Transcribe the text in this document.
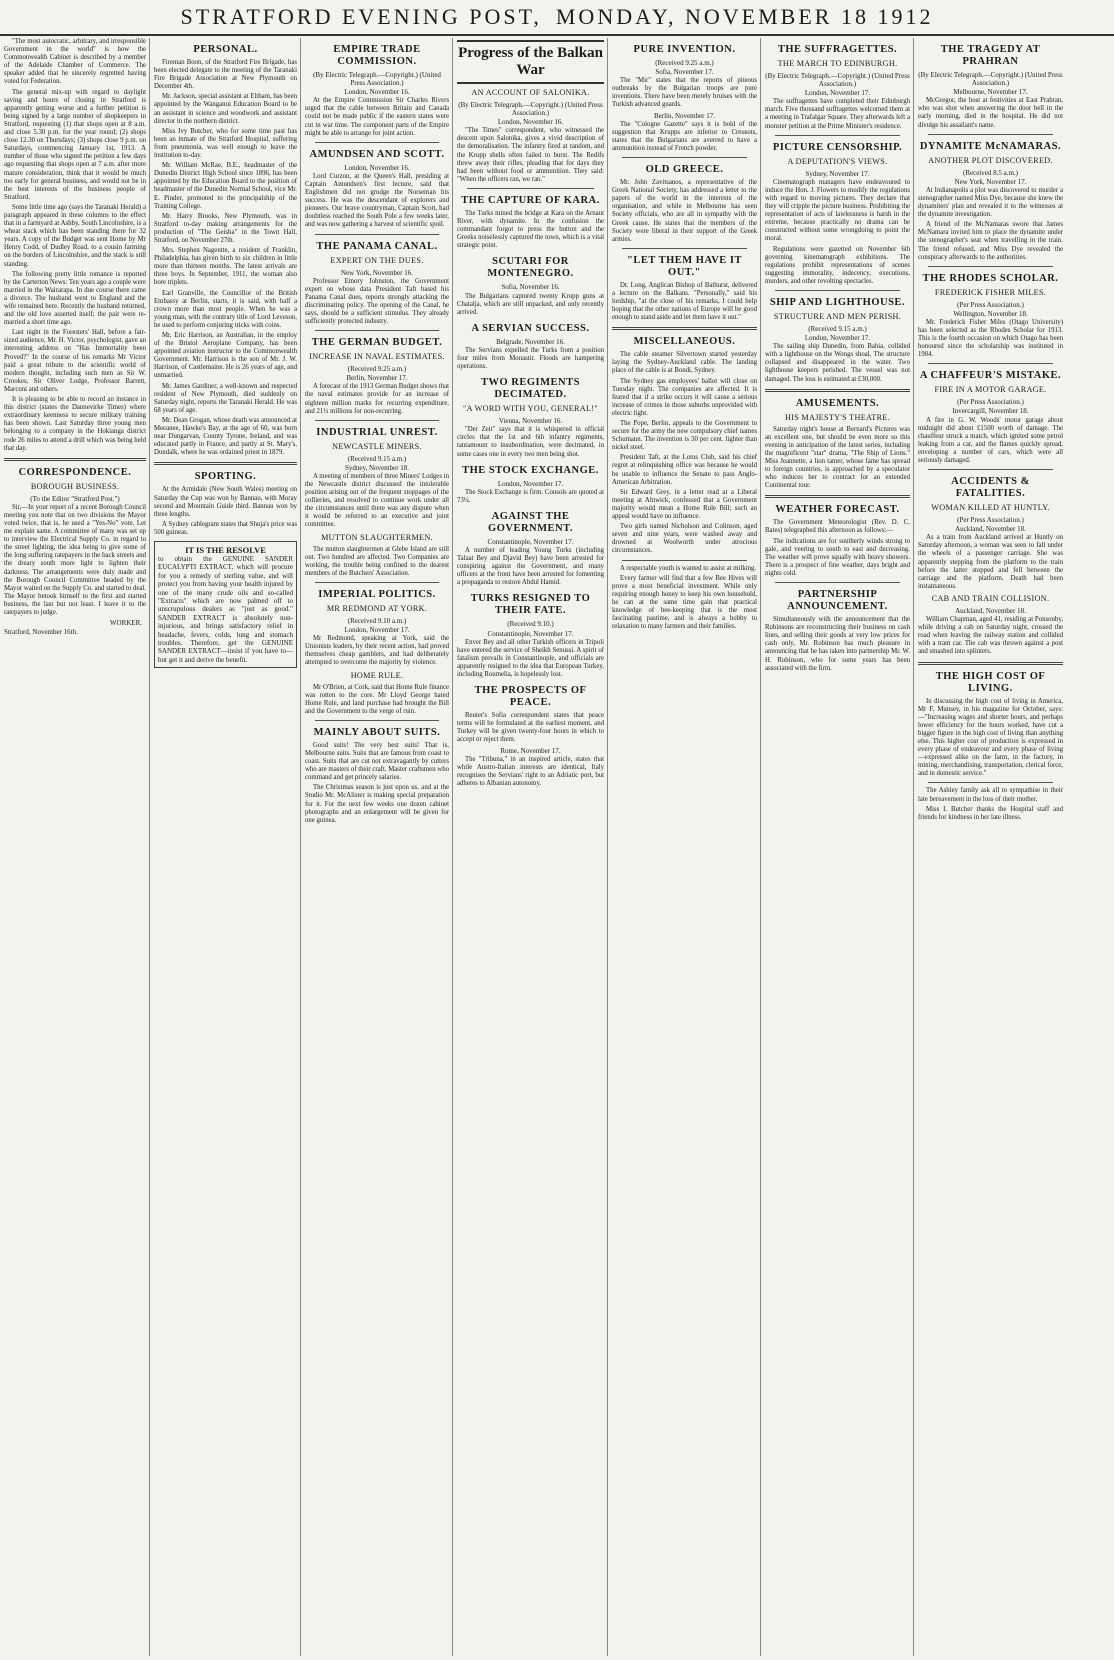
STRATFORD EVENING POST, MONDAY, NOVEMBER 18 1912

"The most autocratic, arbitrary, and irresponsible Government in the world" is how the Commonwealth Cabinet is described by a member of the Adelaide Chamber of Commerce. The speaker added that he sincerely regretted having voted for Federation.

The general mix-up with regard to daylight saving and hours of closing in Stratford is apparently getting worse and a further petition is being signed by a large number of shopkeepers in Stratford, requesting (1) that shops open at 8 a.m. and close 5.30 p.m. for the year round; (2) shops close 12.30 on Thursdays; (3) shops close 9 p.m. on Saturdays, commencing January 1st, 1913. A number of those who signed the petition a few days ago requesting that shops open at 7 a.m. after more mature consideration, think that it would be much too early for general business, and would not be in the best interests of the business people of Stratford.

Some little time ago (says the Taranaki Herald) a paragraph appeared in these columns to the effect that in a farmyard at Ashby, South Lincolnshire, is a wheat stack which has been standing there for 32 years. A copy of the Budget was sent Home by Mr Henry Codd, of Dudley Road, to a cousin farming on the borders of Lincolnshire, and the stack is still standing.

The following pretty little romance is reported by the Carterton News: Ten years ago a couple were married in the Wairarapa. In due course there came a divorce. The husband went to England and the wife remained here. Recently the husband returned, and the old love asserted itself; the pair were re-married a short time ago.

Last night in the Foresters' Hall, before a fair-sized audience, Mr. H. Victor, psychologist, gave an interesting address on "Has Immortality been Proved?" In the course of his remarks Mr Victor paid a great tribute to the scientific world of modern thought, including such men as Sir W. Crookes, Sir Oliver Lodge, Professor Barrett, Marconi and others.

It is pleasing to be able to record an instance in this district (states the Dannevirke Times) where extraordinary keenness to secure military training has been shown. Last Saturday three young men belonging to a company in the Hokianga district rode 26 miles to attend a drill which was being held that day.

CORRESPONDENCE.
BOROUGH BUSINESS.
(To the Editor "Stratford Post.")

Sir,—In your report of a recent Borough Council meeting you note that on two divisions the Mayor voted twice, that is, he used a "Yes-No" vote. Let me explain same. A committee of many was set up to interview the Electrical Supply Co. in regard to the street lighting, the idea being to give some of the long suffering ratepayers in the back streets and the dreary south more light to lighten their darkness. The arrangements were duly made and the Borough Council Committee headed by the Mayor waited on the Supply Co. and started to deal. The Mayor betook himself to the first and started business, the last but not least. I leave it to the ratepayers to judge.

WORKER.
Stratford, November 16th.
PERSONAL.

Fireman Boon, of the Stratford Fire Brigade, has been elected delegate to the meeting of the Taranaki Fire Brigade Association at New Plymouth on December 4th.

Mr. Jackson, special assistant at Eltham, has been appointed by the Wanganui Education Board to be an assistant in science and woodwork and assistant director in the northern district.

Miss Ivy Butcher, who for some time past has been an inmate of the Stratford Hospital, suffering from pneumonia, was well enough to leave the institution to-day.

Mr. William McRae, B.E., headmaster of the Dunedin District High School since 1896, has been appointed by the Education Board to the position of headmaster of the Dunedin Normal School, vice Mr. E. Pinder, promoted to the principalship of the Training College.

Mr. Harry Brooks, New Plymouth, was in Stratford to-day making arrangements for the production of "The Geisha" in the Town Hall, Stratford, on November 27th.

Mrs. Stephen Nagentte, a resident of Franklin, Philadelphia, has given birth to six children in little more than thirteen months. The latest arrivals are three boys. In September, 1911, the woman also bore triplets.

Earl Granville, the Councillor of the British Embassy at Berlin, starts, it is said, with half a crown more than most people. When he was a young man, with the contrary title of Lord Leveson, he used to perform conjuring tricks with coins.

Mr. Eric Harrison, an Australian, in the employ of the Bristol Aeroplane Company, has been appointed aviation instructor to the Commonwealth Government. Mr. Harrison is the son of Mr. J. W. Harrison, of Castlemaine. He is 26 years of age, and unmarried.

Mr. James Gardiner, a well-known and respected resident of New Plymouth, died suddenly on Saturday night, reports the Taranaki Herald. He was 68 years of age.

Mr. Dean Grogan, whose death was announced at Meeanee, Hawke's Bay, at the age of 60, was born near Dungarvan, County Tyrone, Ireland, and was educated partly in France, and partly at St. Mary's, Dundalk, where he was ordained priest in 1879.

SPORTING.

At the Armidale (New South Wales) meeting on Saturday the Cup was won by Bannau, with Moray second and Mountain Guide third. Bannau won by three lengths.

A Sydney cablegram states that Shuja's price was 500 guineas.

IT IS THE RESOLVE
to obtain the GENUINE SANDER EUCALYPTI EXTRACT, which will procure for you a remedy of sterling value, and will protect you from having your health injured by one of the many crude oils and so-called "Extracts" which are now palmed off to unscrupulous dealers as "just as good." SANDER EXTRACT is absolutely non-injurious, and brings satisfactory relief in headache, fevers, colds, lung and stomach troubles. Therefore, get the GENUINE SANDER EXTRACT—insist if you have to—but get it and derive the benefit.
EMPIRE TRADE COMMISSION.
(By Electric Telegraph.—Copyright.) (United Press Association.)
London, November 16.

At the Empire Commission Sir Charles Rivers urged that the cable between Britain and Canada could not be made public if the eastern states were cut in war time. The component parts of the Empire might be able to arrange for joint action.

AMUNDSEN AND SCOTT.
London, November 16.

Lord Curzon, at the Queen's Hall, presiding at Captain Amundsen's first lecture, said that Englishmen did not grudge the Norseman his success. He was the descendant of explorers and pioneers. Our brave countryman, Captain Scott, had doubtless reached the South Pole a few weeks later, and was now gathering a harvest of scientific spoil.

THE PANAMA CANAL.
EXPERT ON THE DUES.
New York, November 16.

Professor Emory Johnston, the Government expert on whose data President Taft based his Panama Canal dues, reports strongly attacking the discriminating policy. The opening of the Canal, he says, should be a sufficient stimulus. They already sufficiently protected industry.

THE GERMAN BUDGET.
INCREASE IN NAVAL ESTIMATES.
(Received 9.25 a.m.)
Berlin, November 17.

A forecast of the 1913 German Budget shows that the naval estimates provide for an increase of eighteen million marks for recurring expenditure, and 21½ millions for non-recurring.

INDUSTRIAL UNREST.
NEWCASTLE MINERS.
(Received 9.15 a.m.)
Sydney, November 18.

A meeting of members of three Miners' Lodges in the Newcastle district discussed the intolerable position arising out of the frequent stoppages of the collieries, and resolved to continue work under all the circumstances until there was any dispute when it would be referred to an executive and joint committee.

MUTTON SLAUGHTERMEN.

The mutton slaughtermen at Glebe Island are still out. Two hundred are affected. Two Companies are working, the trouble being confined to the dearest members of the Butchers' Association.

IMPERIAL POLITICS.
MR REDMOND AT YORK.
(Received 9.10 a.m.)
London, November 17.

Mr Redmond, speaking at York, said the Unionists leaders, by their recent action, had proved themselves cheap gamblers, and had deliberately attempted to overcome the majority by violence.

HOME RULE.

Mr O'Brien, at Cork, said that Home Rule finance was rotten to the core. Mr Lloyd George hated Home Rule, and land purchase had brought the Bill and the Government to the verge of ruin.

MAINLY ABOUT SUITS.

Good suits! The very best suits! That is, Melbourne suits. Suits that are famous from coast to coast. Suits that are cut not extravagantly by cutters who are masters of their craft. Master craftsmen who command and get princely salaries.

The Christmas season is just upon us, and at the Studio Mr. McAlister is making special preparation for it. For the next few weeks one dozen cabinet photographs and an enlargement will be given for one guinea.

Progress of the Balkan War
AN ACCOUNT OF SALONIKA.
(By Electric Telegraph.—Copyright.) (United Press Association.)
London, November 16.

"The Times" correspondent, who witnessed the descent upon Salonika, gives a vivid description of the demoralisation. The infantry fired at random, and the Krupp shells often failed to burst. The Redifs threw away their rifles, pleading that for days they had been without food or ammunition. They said: "When the officers ran, we ran."

THE CAPTURE OF KARA.

The Turks mined the bridge at Kara on the Arnaut River, with dynamite. In the confusion the commandant forgot to press the button and the Greeks noiselessly captured the town, which is a vital strategic point.

SCUTARI FOR MONTENEGRO.
Sofia, November 16.

The Bulgarians captured twenty Krupp guns at Chatalja, which are still unpacked, and only recently arrived.

A SERVIAN SUCCESS.
Belgrade, November 16.

The Servians expelled the Turks from a position four miles from Monastir. Floods are hampering operations.

TWO REGIMENTS DECIMATED.
"A WORD WITH YOU, GENERAL!"
Vienna, November 16.

"Der Zeit" says that it is whispered in official circles that the 1st and 6th infantry regiments, tantamount to insubordination, were decimated, in some cases one in every two men being shot.

THE STOCK EXCHANGE.
London, November 17.

The Stock Exchange is firm. Consols are quoted at 73¼.

AGAINST THE GOVERNMENT.
Constantinople, November 17.

A number of leading Young Turks (including Talaat Bey and Djavid Bey) have been arrested for conspiring against the Government, and many officers at the front have been arrested for fomenting a propaganda to restore Abdul Hamid.

TURKS RESIGNED TO THEIR FATE.
(Received 9.10.)
Constantinople, November 17.

Enver Bey and all other Turkish officers in Tripoli have entered the service of Sheikh Senussi. A spirit of fatalism prevails in Constantinople, and officials are apparently resigned to the idea that European Turkey, including Roumelia, is hopelessly lost.

THE PROSPECTS OF PEACE.

Reuter's Sofia correspondent states that peace terms will be formulated at the earliest moment, and Turkey will be given twenty-four hours in which to accept or reject them.

Rome, November 17.

The "Tribuna," in an inspired article, states that while Austro-Italian interests are identical, Italy recognises the Servians' right to an Adriatic port, but adheres to Albanian autonomy.

PURE INVENTION.
(Received 9.25 a.m.)
Sofia, November 17.

The "Mir" states that the reports of piteous outbreaks by the Bulgarian troops are pure inventions. There have been merely bruises with the Turkish advanced guards.

Berlin, November 17.

The "Cologne Gazette" says it is bold of the suggestion that Krupps are inferior to Creusots, states that the Bulgarians are averred to have a ammunition instead of French powder.

OLD GREECE.

Mr. John Zavitsanos, a representative of the Greek National Society, has addressed a letter to the papers of the world in the interests of the organisation, and while in Melbourne has seen Society officials, who are all in sympathy with the Greek cause. He states that the members of the Society were liberal in their support of the Greek armies.

"LET THEM HAVE IT OUT."

Dr. Long, Anglican Bishop of Bathurst, delivered a lecture on the Balkans. "Personally," said his lordship, "at the close of his remarks, I could help hoping that the other nations of Europe will be good enough to stand aside and let them have it out."

MISCELLANEOUS.

The cable steamer Silvertown started yesterday laying the Sydney-Auckland cable. The landing place of the cable is at Bondi, Sydney.

The Sydney gas employees' ballot will close on Tuesday night. The companies are affected. It is feared that if a strike occurs it will cause a serious increase of crimes in those suburbs unprovided with electric light.

The Pope, Berlin, appeals to the Government to secure for the army the new compulsory chief names Schumann. The invention is 30 per cent. lighter than nickel steel.

President Taft, at the Lotus Club, said his chief regret at relinquishing office was because he would be unable to influence the Senate to pass Anglo-American Arbitration.

Sir Edward Grey, in a letter read at a Liberal meeting at Alnwick, confessed that a Government majority would mean a Home Rule Bill; such an appeal would have no influence.

Two girls named Nicholson and Colinson, aged seven and nine years, were washed away and drowned at Woolworth under atrocious circumstances.

A respectable youth is wanted to assist at milking.

Every farmer will find that a few Bee Hives will prove a most beneficial investment. While only requiring enough honey to keep his own household, he can at the same time gain that practical knowledge of bee-keeping that is the most fascinating pastime, and is always a hobby to relaxation to many farmers and their families.

THE SUFFRAGETTES.
THE MARCH TO EDINBURGH.
(By Electric Telegraph.—Copyright.) (United Press Association.)
London, November 17.

The suffragettes have completed their Edinburgh march. Five thousand suffragettes welcomed them at a meeting in Trafalgar Square. They afterwards left a monster petition at the Prime Minister's residence.

PICTURE CENSORSHIP.
A DEPUTATION'S VIEWS.
Sydney, November 17.

Cinematograph managers have endeavoured to induce the Hon. J. Flowers to modify the regulations with regard to moving pictures. They declare that they will cripple the picture business. Prohibiting the representation of acts of lawlessness is harsh in the extreme, because practically no drama can be constructed without some wrongdoing to point the moral.

Regulations were gazetted on November 6th governing kinematograph exhibitions. The regulations prohibit representations of scenes suggesting immorality, indecency, executions, murders, and other revolting spectacles.

SHIP AND LIGHTHOUSE.
STRUCTURE AND MEN PERISH.
(Received 9.15 a.m.)
London, November 17.

The sailing ship Dunedin, from Bahia, collided with a lighthouse on the Wongs shoal. The structure collapsed and disappeared in the water. Two lighthouse keepers perished. The vessel was not damaged. The loss is estimated at £30,000.

AMUSEMENTS.
HIS MAJESTY'S THEATRE.

Saturday night's house at Bernard's Pictures was an excellent one, but should be even more so this evening in anticipation of the latest series, including the magnificent "star" drama, "The Ship of Lions." Miss Jeannette, a lion tamer, whose fame has spread to foreign countries, is approached by a speculator who induces her to contract for an extended Continental tour.

WEATHER FORECAST.

The Government Meteorologist (Rev. D. C. Bates) telegraphed this afternoon as follows:—

The indications are for southerly winds strong to gale, and veering to south to east and decreasing. The weather will prove squally with heavy showers. There is a prospect of fine weather, days bright and nights cold.

PARTNERSHIP ANNOUNCEMENT.

Simultaneously with the announcement that the Robinsons are reconstructing their business on cash lines, and selling their goods at very low prices for cash only, Mr. Robinson has much pleasure in announcing that he has taken into partnership Mr. W. H. Robinson, who for some years has been associated with the firm.

THE TRAGEDY AT PRAHRAN
(By Electric Telegraph.—Copyright.) (United Press Association.)
Melbourne, November 17.

McGregor, the host at festivities at East Prahran, who was shot when answering the door bell in the early morning, died in the hospital. He did not divulge his assailant's name.

DYNAMITE McNAMARAS.
ANOTHER PLOT DISCOVERED.
(Received 8.5 a.m.)
New York, November 17.

At Indianapolis a plot was discovered to murder a stenographer named Miss Dye, because she knew the dynamiters' plan and revealed it to the witnesses at the dynamite investigation.

A friend of the McNamaras swore that James McNamara invited him to place the dynamite under the stenographer's seat when travelling in the train. The friend refused, and Miss Dye revealed the conspiracy afterwards to the authorities.

THE RHODES SCHOLAR.
FREDERICK FISHER MILES.
(Per Press Association.)
Wellington, November 18.

Mr. Frederick Fisher Miles (Otago University) has been selected as the Rhodes Scholar for 1913. This is the fourth occasion on which Otago has been honoured since the scholarship was instituted in 1904.

A CHAFFEUR'S MISTAKE.
FIRE IN A MOTOR GARAGE.
(Per Press Association.)
Invercargill, November 18.

A fire in G. W. Woods' motor garage about midnight did about £1500 worth of damage. The chauffeur struck a match, which ignited some petrol leaking from a car, and the flames quickly spread, enveloping a number of cars, which were all seriously damaged.

ACCIDENTS & FATALITIES.
WOMAN KILLED AT HUNTLY.
(Per Press Association.)
Auckland, November 18.

As a train from Auckland arrived at Huntly on Saturday afternoon, a woman was seen to fall under the wheels of a passenger carriage. She was apparently stepping from the platform to the train before the latter stopped and fell between the carriage and the platform. Death had been instantaneous.

CAB AND TRAIN COLLISION.
Auckland, November 18.

William Chapman, aged 41, residing at Ponsonby, while driving a cab on Saturday night, crossed the road when leaving the railway station and collided with a tram car. The cab was thrown against a post and smashed into splinters.

THE HIGH COST OF LIVING.

In discussing the high cost of living in America, Mr F. Munsey, in his magazine for October, says:—"Increasing wages and shorter hours, and perhaps lower efficiency for the hours worked, have cut a bigger figure in the high cost of living than anything else. This higher cost of production is expressed in every phase of endeavour and every phase of living—expressed alike on the farm, in the factory, in mining, merchandising, transportation, clerical force, and in domestic service."

The Ashley family ask all to sympathise in their late bereavement in the loss of their mother.

Miss I. Butcher thanks the Hospital staff and friends for kindness in her late illness.
